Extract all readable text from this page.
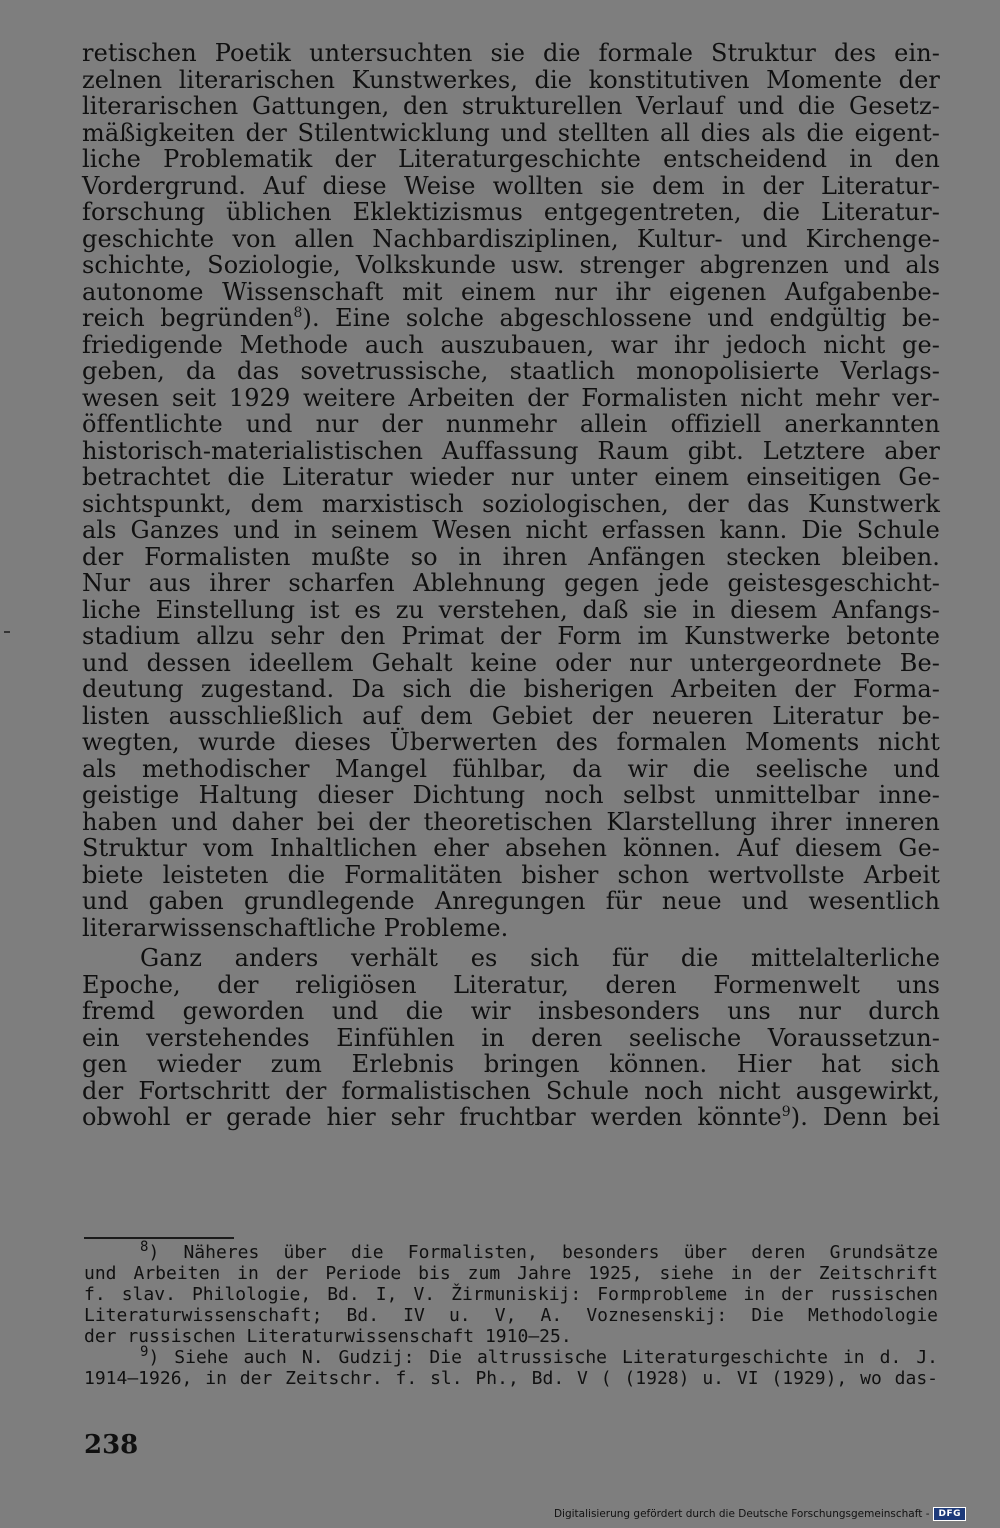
retischen Poetik untersuchten sie die formale Struktur des ein-
zelnen literarischen Kunstwerkes, die konstitutiven Momente der
literarischen Gattungen, den strukturellen Verlauf und die Gesetz-
mäßigkeiten der Stilentwicklung und stellten all dies als die eigent-
liche Problematik der Literaturgeschichte entscheidend in den
Vordergrund. Auf diese Weise wollten sie dem in der Literatur-
forschung üblichen Eklektizismus entgegentreten, die Literatur-
geschichte von allen Nachbardisziplinen, Kultur- und Kirchenge-
schichte, Soziologie, Volkskunde usw. strenger abgrenzen und als
autonome Wissenschaft mit einem nur ihr eigenen Aufgabenbe-
reich begründen$^8$). Eine solche abgeschlossene und endgültig be-
friedigende Methode auch auszubauen, war ihr jedoch nicht ge-
geben, da das sovetrussische, staatlich monopolisierte Verlags-
wesen seit 1929 weitere Arbeiten der Formalisten nicht mehr ver-
öffentlichte und nur der nunmehr allein offiziell anerkannten
historisch-materialistischen Auffassung Raum gibt. Letztere aber
betrachtet die Literatur wieder nur unter einem einseitigen Ge-
sichtspunkt, dem marxistisch soziologischen, der das Kunstwerk
als Ganzes und in seinem Wesen nicht erfassen kann. Die Schule
der Formalisten mußte so in ihren Anfängen stecken bleiben.
Nur aus ihrer scharfen Ablehnung gegen jede geistesgeschicht-
liche Einstellung ist es zu verstehen, daß sie in diesem Anfangs-
stadium allzu sehr den Primat der Form im Kunstwerke betonte
und dessen ideellem Gehalt keine oder nur untergeordnete Be-
deutung zugestand. Da sich die bisherigen Arbeiten der Forma-
listen ausschließlich auf dem Gebiet der neueren Literatur be-
wegten, wurde dieses Überwerten des formalen Moments nicht
als methodischer Mangel fühlbar, da wir die seelische und
geistige Haltung dieser Dichtung noch selbst unmittelbar inne-
haben und daher bei der theoretischen Klarstellung ihrer inneren
Struktur vom Inhaltlichen eher absehen können. Auf diesem Ge-
biete leisteten die Formalitäten bisher schon wertvollste Arbeit
und gaben grundlegende Anregungen für neue und wesentlich
literarwissenschaftliche Probleme.
Ganz anders verhält es sich für die mittelalterliche
Epoche, der religiösen Literatur, deren Formenwelt uns
fremd geworden und die wir insbesonders uns nur durch
ein verstehendes Einfühlen in deren seelische Voraussetzun-
gen wieder zum Erlebnis bringen können. Hier hat sich
der Fortschritt der formalistischen Schule noch nicht ausgewirkt,
obwohl er gerade hier sehr fruchtbar werden könnte$^9$). Denn bei
$^8$) Näheres über die Formalisten, besonders über deren Grundsätze
und Arbeiten in der Periode bis zum Jahre 1925, siehe in der Zeitschrift
f. slav. Philologie, Bd. I, V. Žirmuniskij: Formprobleme in der russischen
Literaturwissenschaft; Bd. IV u. V, A. Voznesenskij: Die Methodologie
der russischen Literaturwissenschaft 1910—25.
$^9$) Siehe auch N. Gudzij: Die altrussische Literaturgeschichte in d. J.
1914—1926, in der Zeitschr. f. sl. Ph., Bd. V ( (1928) u. VI (1929), wo das-
238
Digitalisierung gefördert durch die Deutsche Forschungsgemeinschaft -	DFG
